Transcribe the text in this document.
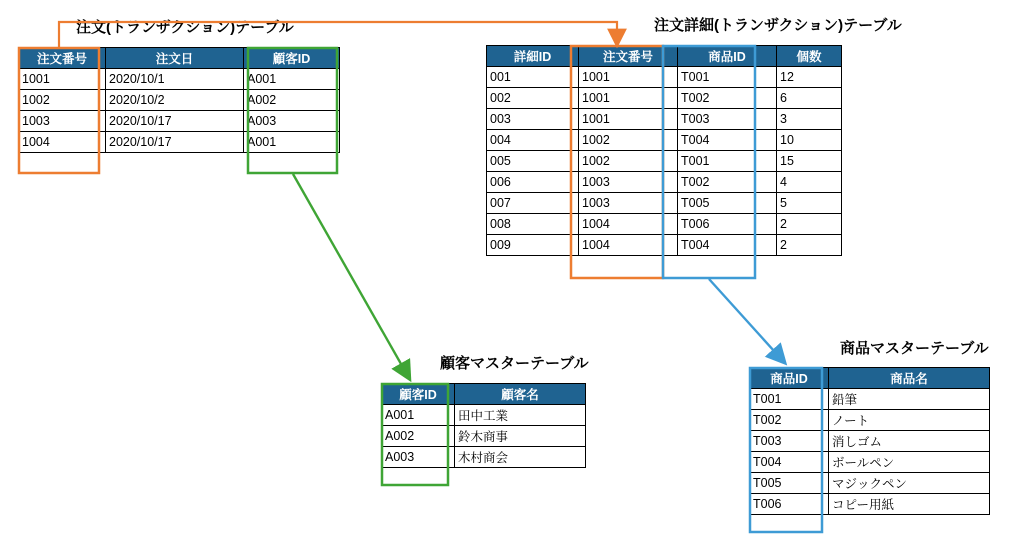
注文(トランザクション)テーブル	注文詳細(トランザクション)テーブル
顧客マスターテーブル
商品マスターテーブル
注文番号	注文日	顧客ID
1001	2020/10/1	A001
1002	2020/10/2	A002
1003	2020/10/17	A003
1004	2020/10/17	A001
詳細ID	注文番号	商品ID	個数
001	1001	T001	12
002	1001	T002	6
003	1001	T003	3
004	1002	T004	10
005	1002	T001	15
006	1003	T002	4
007	1003	T005	5
008	1004	T006	2
009	1004	T004	2
顧客ID	顧客名
A001	田中工業
A002	鈴木商事
A003	木村商会
商品ID	商品名
T001	鉛筆
T002	ノート
T003	消しゴム
T004	ボールペン
T005	マジックペン
T006	コピー用紙
